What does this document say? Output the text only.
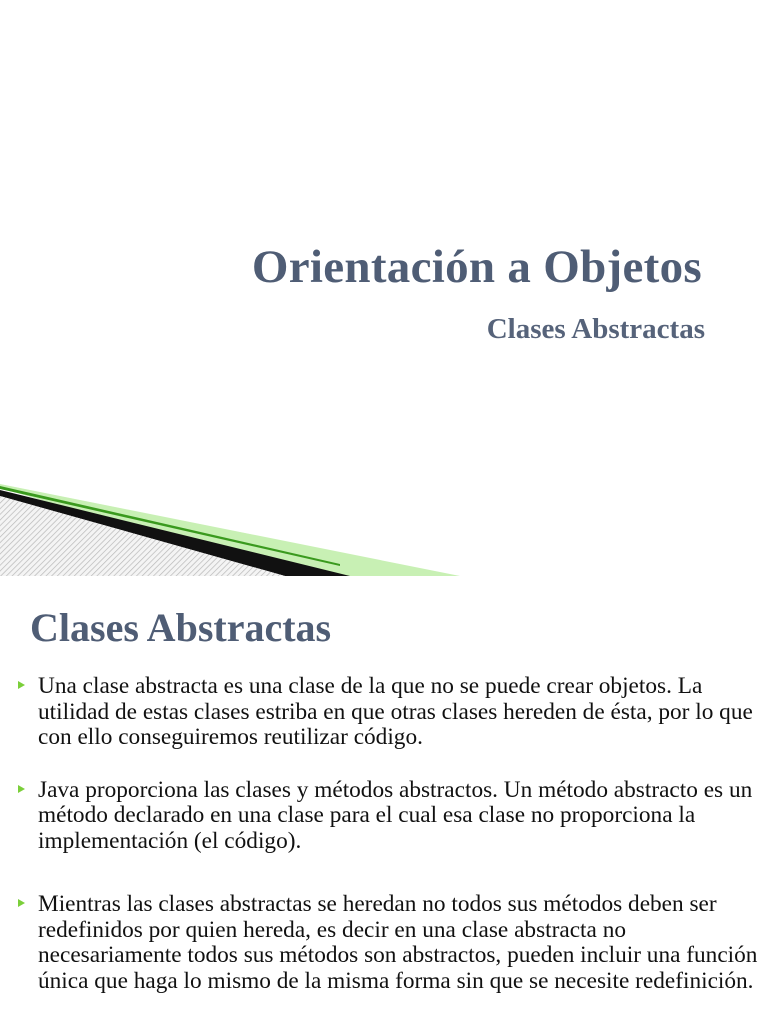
Orientación a Objetos
Clases Abstractas
Clases Abstractas
Una clase abstracta es una clase de la que no se puede crear objetos. La utilidad de estas clases estriba en que otras clases hereden de ésta, por lo que con ello conseguiremos reutilizar código.
Java proporciona las clases y métodos abstractos. Un método abstracto es un método declarado en una clase para el cual esa clase no proporciona la implementación (el código).
Mientras las clases abstractas se heredan no todos sus métodos deben ser redefinidos por quien hereda, es decir en una clase abstracta no necesariamente todos sus métodos son abstractos, pueden incluir una función única que haga lo mismo de la misma forma sin que se necesite redefinición.
